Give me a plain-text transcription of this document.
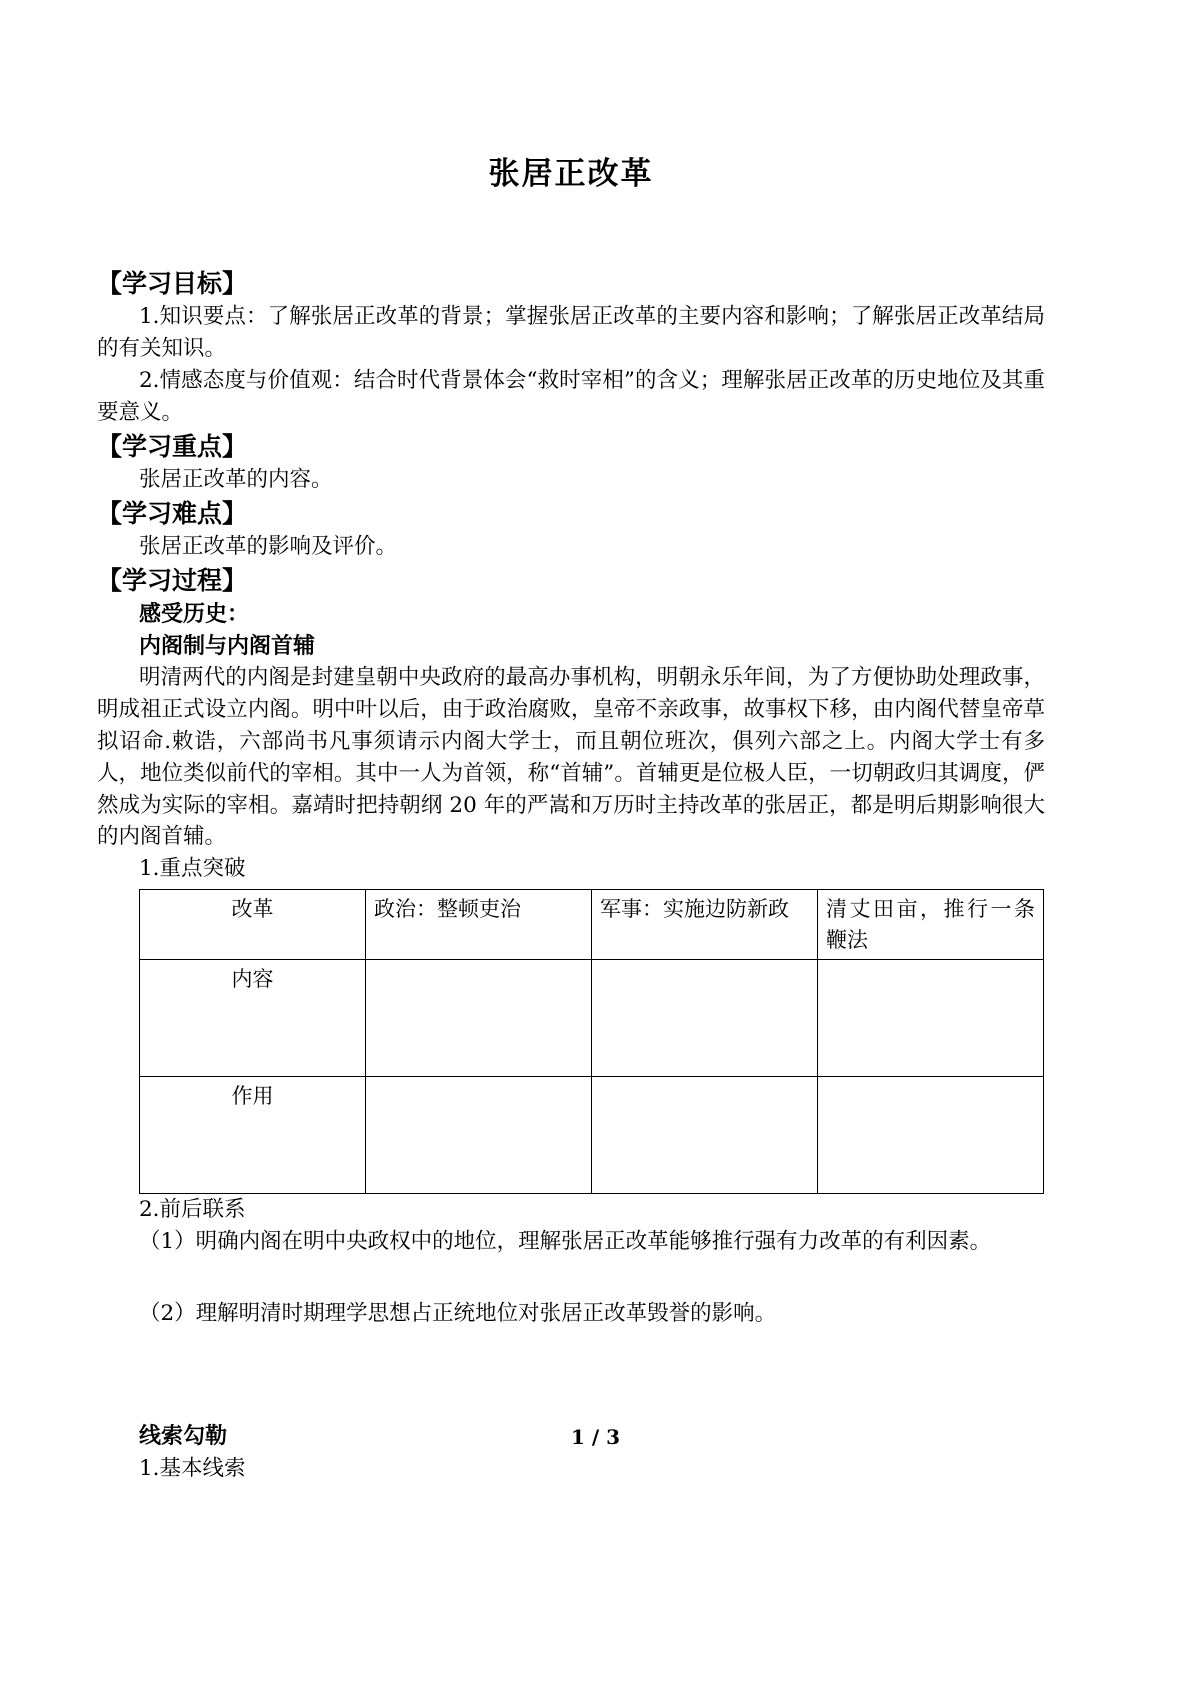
张居正改革

【学习目标】

1.知识要点：了解张居正改革的背景；掌握张居正改革的主要内容和影响；了解张居正改革结局的有关知识。

2.情感态度与价值观：结合时代背景体会“救时宰相”的含义；理解张居正改革的历史地位及其重要意义。

【学习重点】

张居正改革的内容。

【学习难点】

张居正改革的影响及评价。

【学习过程】

感受历史：

内阁制与内阁首辅

明清两代的内阁是封建皇朝中央政府的最高办事机构，明朝永乐年间，为了方便协助处理政事，明成祖正式设立内阁。明中叶以后，由于政治腐败，皇帝不亲政事，故事权下移，由内阁代替皇帝草拟诏命.敕诰，六部尚书凡事须请示内阁大学士，而且朝位班次，俱列六部之上。内阁大学士有多人，地位类似前代的宰相。其中一人为首领，称“首辅”。首辅更是位极人臣，一切朝政归其调度，俨然成为实际的宰相。嘉靖时把持朝纲 20 年的严嵩和万历时主持改革的张居正，都是明后期影响很大的内阁首辅。

1.重点突破

改革	政治：整顿吏治	军事：实施边防新政	清丈田亩，推行一条鞭法
内容			
作用			

2.前后联系

（1）明确内阁在明中央政权中的地位，理解张居正改革能够推行强有力改革的有利因素。

（2）理解明清时期理学思想占正统地位对张居正改革毁誉的影响。

线索勾勒

1.基本线索

1 / 3
